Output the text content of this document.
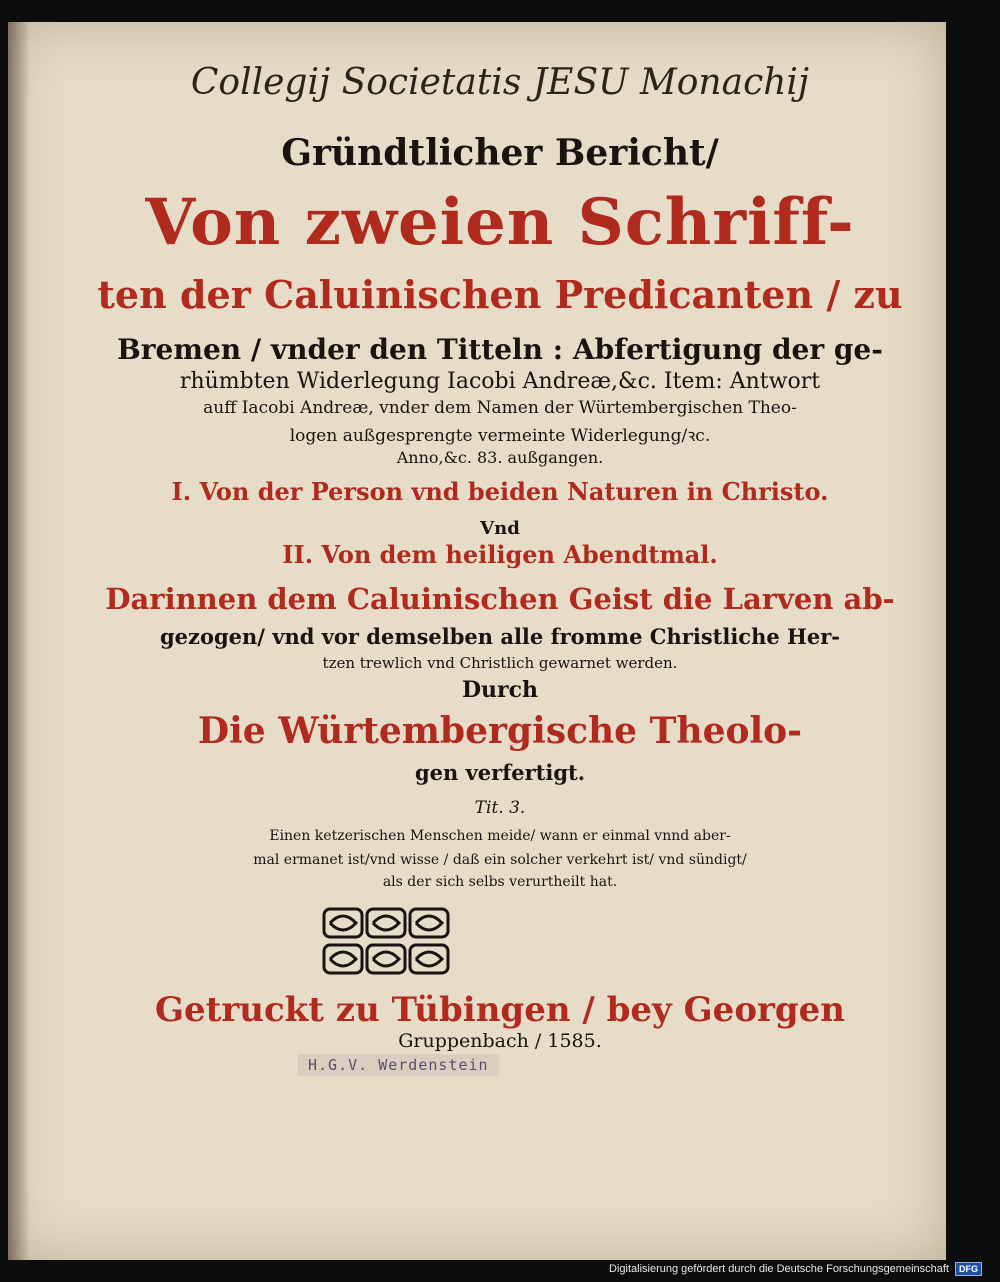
Collegij Societatis JESU Monachij
Gründtlicher Bericht/
Von zweien Schriff-
ten der Caluinischen Predicanten / zu
Bremen / vnder den Titteln : Abfertigung der ge-
rhümbten Widerlegung Iacobi Andreæ,&c. Item: Antwort
auff Iacobi Andreæ, vnder dem Namen der Würtembergischen Theo-
logen außgesprengte vermeinte Widerlegung/ꝛc.
Anno,&c. 83. außgangen.
I. Von der Person vnd beiden Naturen in Christo.
Vnd
II. Von dem heiligen Abendtmal.
Darinnen dem Caluinischen Geist die Larven ab-
gezogen/ vnd vor demselben alle fromme Christliche Her-
tzen trewlich vnd Christlich gewarnet werden.
Durch
Die Würtembergische Theolo-
gen verfertigt.
Tit. 3.
Einen ketzerischen Menschen meide/ wann er einmal vnnd aber-
mal ermanet ist/vnd wisse / daß ein solcher verkehrt ist/ vnd sündigt/
als der sich selbs verurtheilt hat.
Getruckt zu Tübingen / bey Georgen
Gruppenbach / 1585.
H.G.V. Werdenstein
Digitalisierung gefördert durch die Deutsche Forschungsgemeinschaft	DFG
